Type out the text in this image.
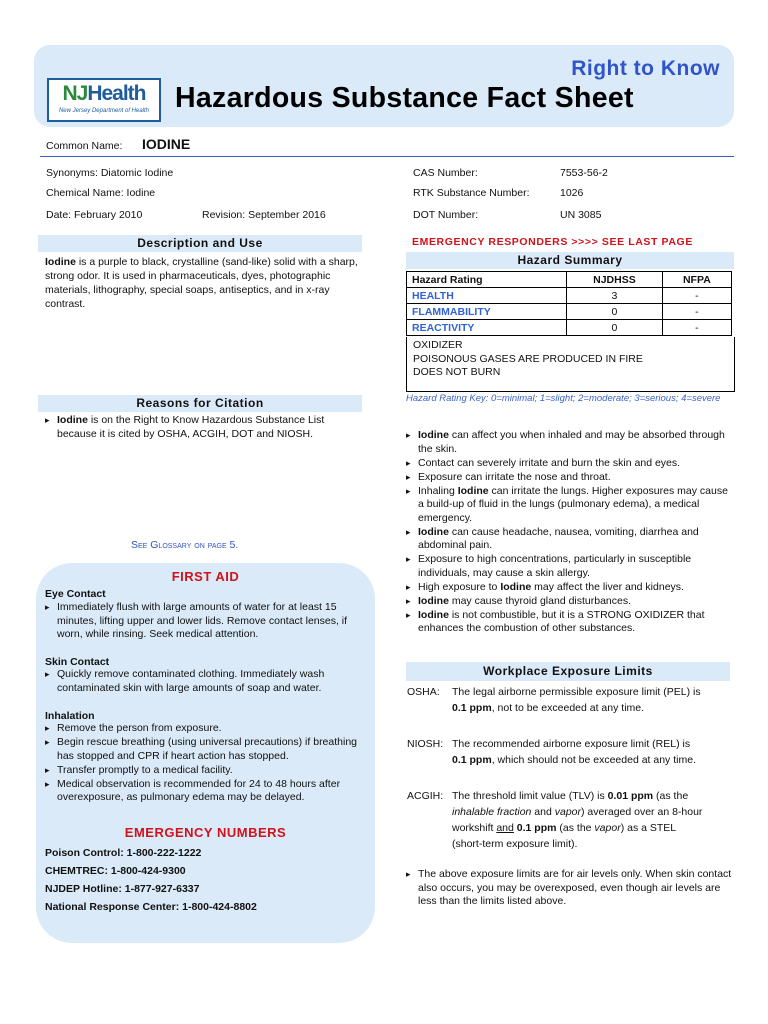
NJHealth
New Jersey Department of Health
Right to Know
Hazardous Substance Fact Sheet
Common Name: IODINE
Synonyms: Diatomic Iodine
Chemical Name: Iodine
Date: February 2010	Revision: September 2016
CAS Number:	7553-56-2
RTK Substance Number:	1026
DOT Number:	UN 3085
Description and Use
Iodine is a purple to black, crystalline (sand-like) solid with a sharp, strong odor. It is used in pharmaceuticals, dyes, photographic materials, lithography, special soaps, antiseptics, and in x-ray contrast.
Reasons for Citation
▸ Iodine is on the Right to Know Hazardous Substance List because it is cited by OSHA, ACGIH, DOT and NIOSH.
See Glossary on page 5.
FIRST AID
Eye Contact
▸ Immediately flush with large amounts of water for at least 15 minutes, lifting upper and lower lids. Remove contact lenses, if worn, while rinsing. Seek medical attention.
Skin Contact
▸ Quickly remove contaminated clothing. Immediately wash contaminated skin with large amounts of soap and water.
Inhalation
▸ Remove the person from exposure.
▸ Begin rescue breathing (using universal precautions) if breathing has stopped and CPR if heart action has stopped.
▸ Transfer promptly to a medical facility.
▸ Medical observation is recommended for 24 to 48 hours after overexposure, as pulmonary edema may be delayed.
EMERGENCY NUMBERS
Poison Control: 1-800-222-1222
CHEMTREC: 1-800-424-9300
NJDEP Hotline: 1-877-927-6337
National Response Center: 1-800-424-8802
EMERGENCY RESPONDERS >>>> SEE LAST PAGE
Hazard Summary
Hazard Rating	NJDHSS	NFPA
HEALTH	3	-
FLAMMABILITY	0	-
REACTIVITY	0	-
OXIDIZER
POISONOUS GASES ARE PRODUCED IN FIRE
DOES NOT BURN
Hazard Rating Key: 0=minimal; 1=slight; 2=moderate; 3=serious; 4=severe
▸ Iodine can affect you when inhaled and may be absorbed through the skin.
▸ Contact can severely irritate and burn the skin and eyes.
▸ Exposure can irritate the nose and throat.
▸ Inhaling Iodine can irritate the lungs. Higher exposures may cause a build-up of fluid in the lungs (pulmonary edema), a medical emergency.
▸ Iodine can cause headache, nausea, vomiting, diarrhea and abdominal pain.
▸ Exposure to high concentrations, particularly in susceptible individuals, may cause a skin allergy.
▸ High exposure to Iodine may affect the liver and kidneys.
▸ Iodine may cause thyroid gland disturbances.
▸ Iodine is not combustible, but it is a STRONG OXIDIZER that enhances the combustion of other substances.
Workplace Exposure Limits
OSHA: The legal airborne permissible exposure limit (PEL) is
0.1 ppm, not to be exceeded at any time.
NIOSH: The recommended airborne exposure limit (REL) is
0.1 ppm, which should not be exceeded at any time.
ACGIH: The threshold limit value (TLV) is 0.01 ppm (as the
inhalable fraction and vapor) averaged over an 8-hour
workshift and 0.1 ppm (as the vapor) as a STEL
(short-term exposure limit).
▸ The above exposure limits are for air levels only. When skin contact also occurs, you may be overexposed, even though air levels are less than the limits listed above.
